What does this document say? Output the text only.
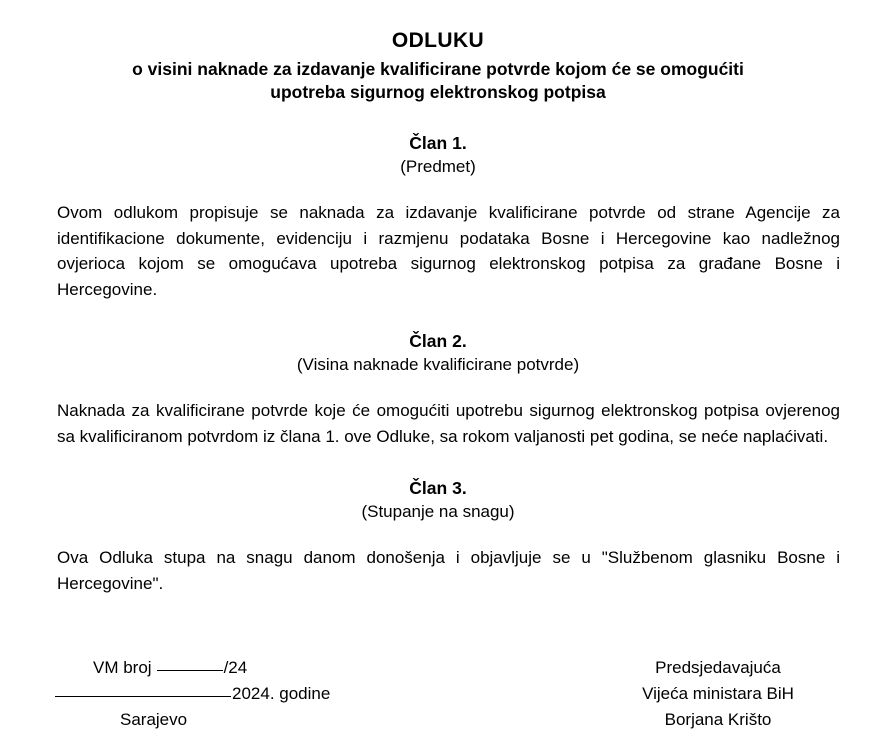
ODLUKU
o visini naknade za izdavanje kvalificirane potvrde kojom će se omogućiti
upotreba sigurnog elektronskog potpisa
Član 1.
(Predmet)

Ovom odlukom propisuje se naknada za izdavanje kvalificirane potvrde od strane Agencije za identifikacione dokumente, evidenciju i razmjenu podataka Bosne i Hercegovine kao nadležnog ovjerioca kojom se omogućava upotreba sigurnog elektronskog potpisa za građane Bosne i Hercegovine.

Član 2.
(Visina naknade kvalificirane potvrde)

Naknada za kvalificirane potvrde koje će omogućiti upotrebu sigurnog elektronskog potpisa ovjerenog sa kvalificiranom potvrdom iz člana 1. ove Odluke, sa rokom valjanosti pet godina, se neće naplaćivati.

Član 3.
(Stupanje na snagu)

Ova Odluka stupa na snagu danom donošenja i objavljuje se u "Službenom glasniku Bosne i Hercegovine".

VM broj	/24
2024. godine
Sarajevo
Predsjedavajuća
Vijeća ministara BiH
Borjana Krišto
